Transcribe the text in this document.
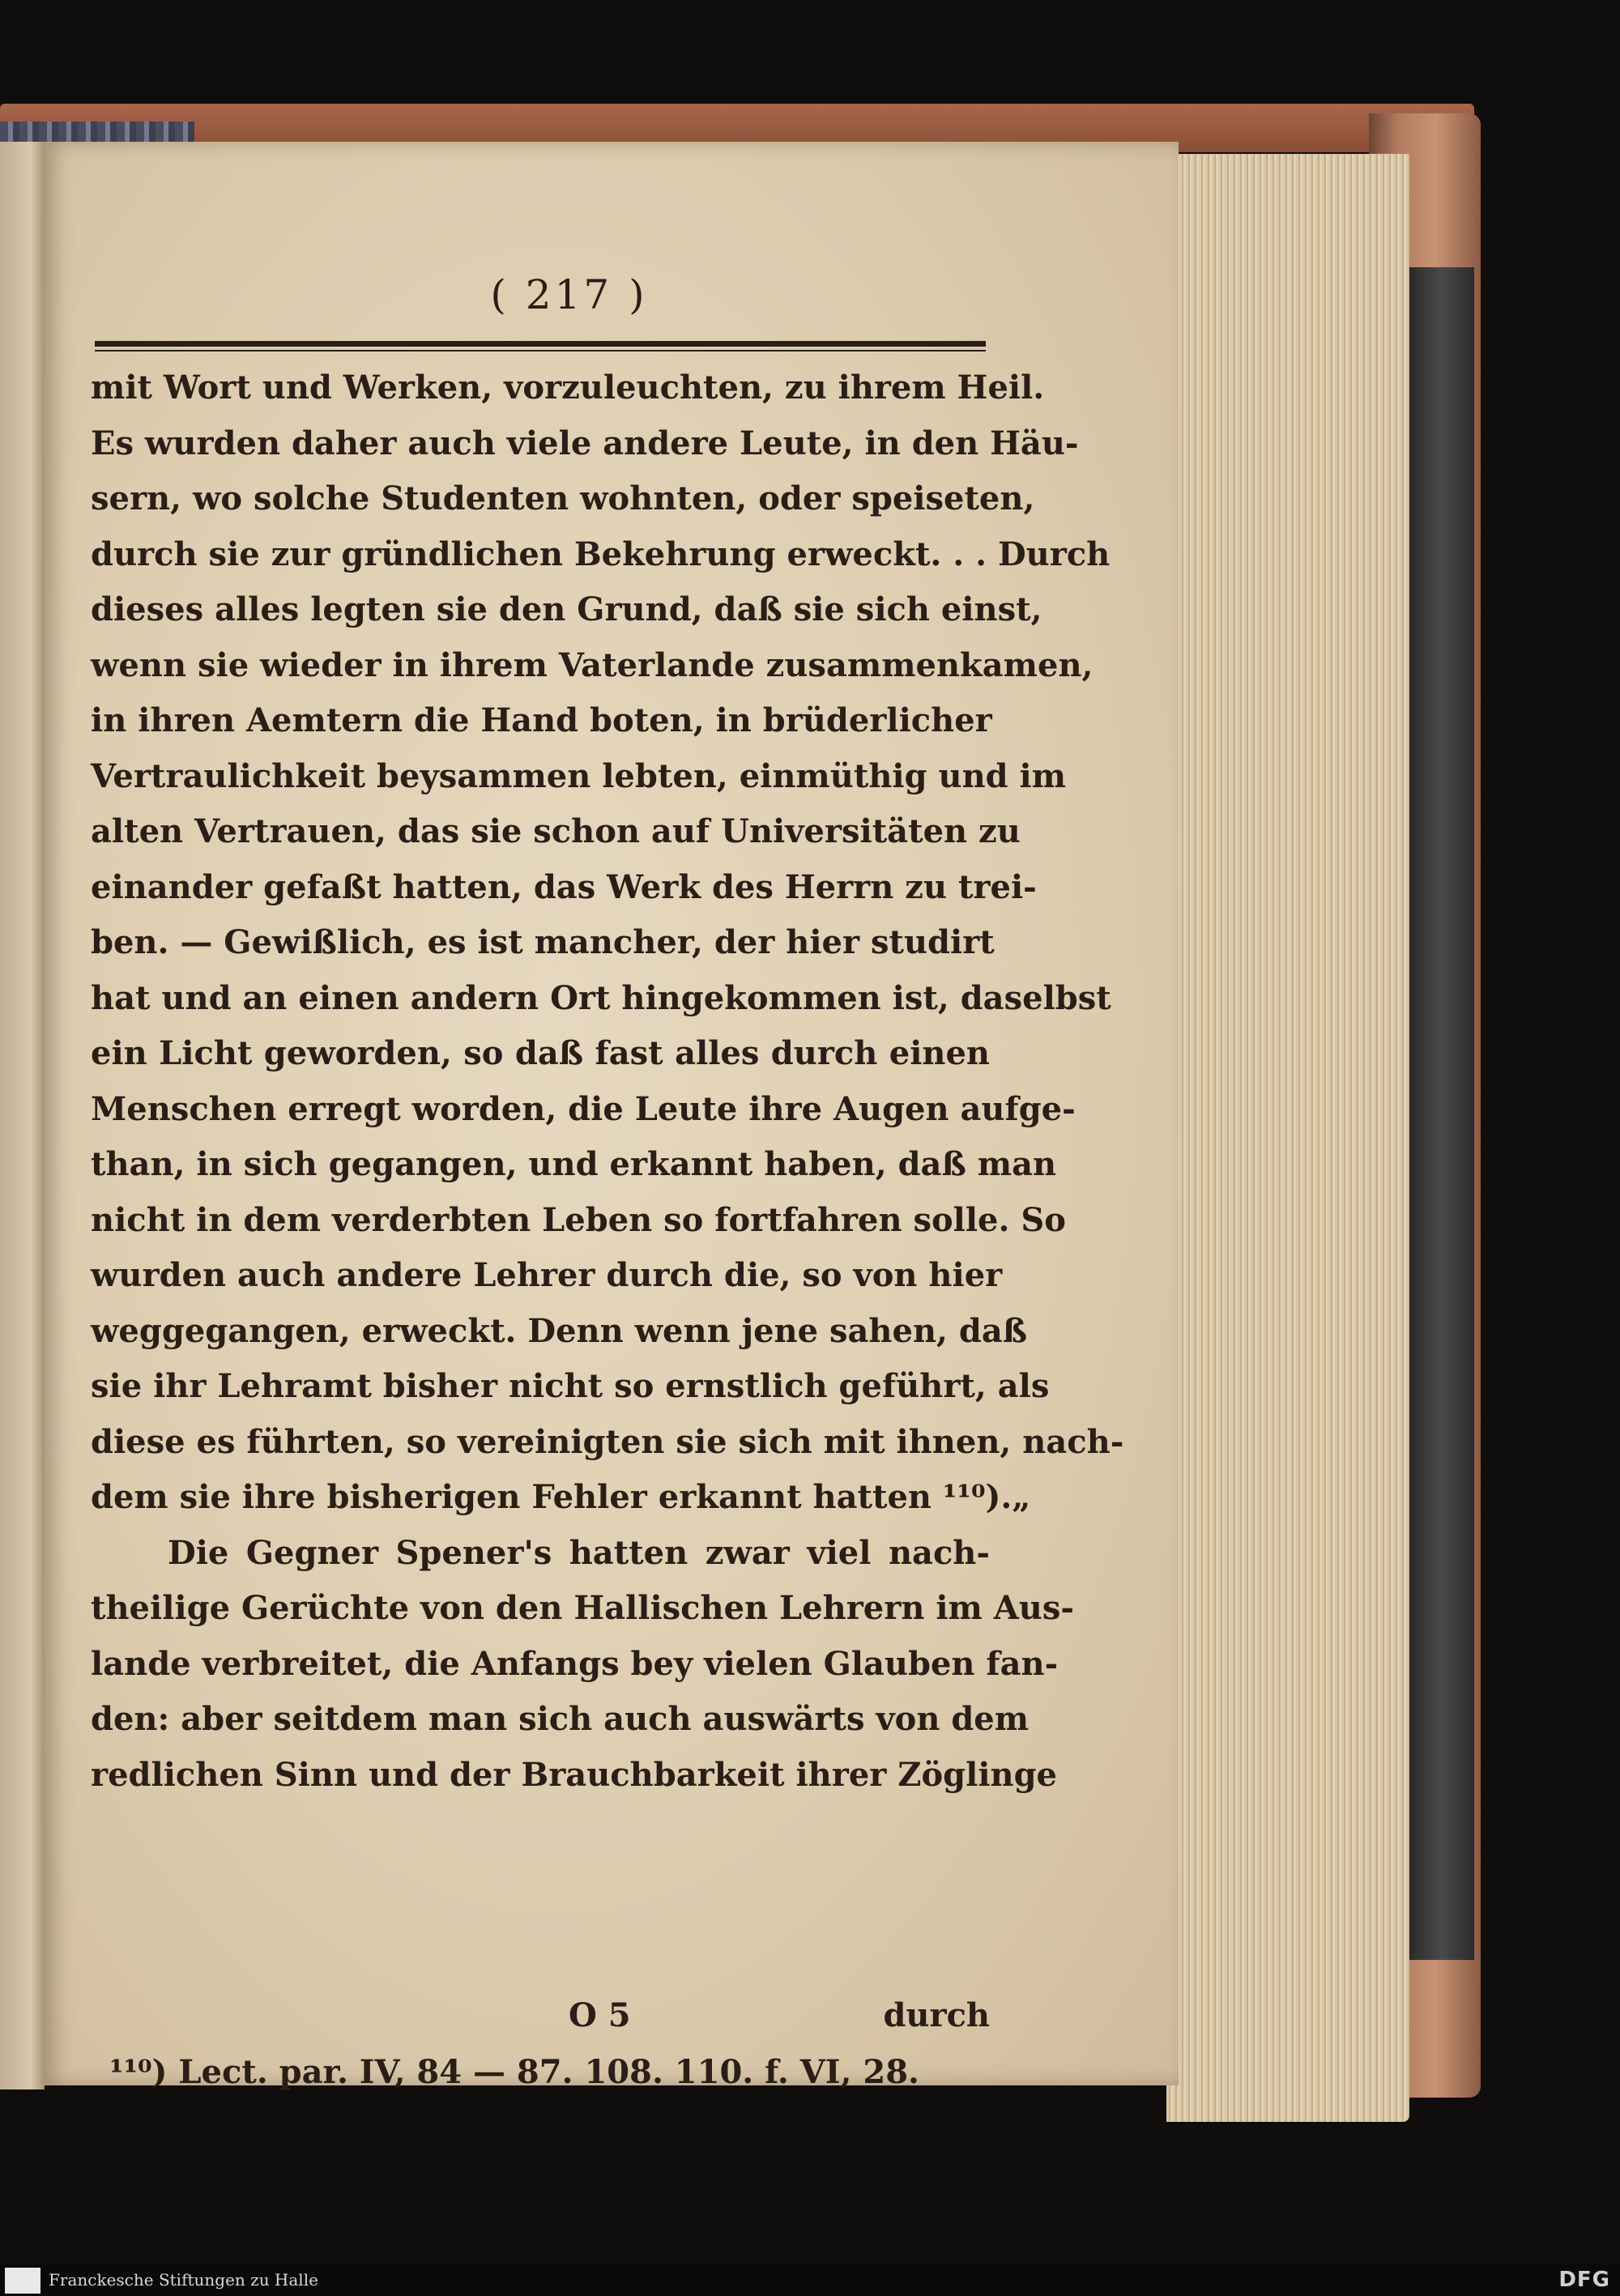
( 217 )
mit Wort und Werken, vorzuleuchten, zu ihrem Heil.
Es wurden daher auch viele andere Leute, in den Häu-
sern, wo solche Studenten wohnten, oder speiseten,
durch sie zur gründlichen Bekehrung erweckt. . . Durch
dieses alles legten sie den Grund, daß sie sich einst,
wenn sie wieder in ihrem Vaterlande zusammenkamen,
in ihren Aemtern die Hand boten, in brüderlicher
Vertraulichkeit beysammen lebten, einmüthig und im
alten Vertrauen, das sie schon auf Universitäten zu
einander gefaßt hatten, das Werk des Herrn zu trei-
ben. — Gewißlich, es ist mancher, der hier studirt
hat und an einen andern Ort hingekommen ist, daselbst
ein Licht geworden, so daß fast alles durch einen
Menschen erregt worden, die Leute ihre Augen aufge-
than, in sich gegangen, und erkannt haben, daß man
nicht in dem verderbten Leben so fortfahren solle. So
wurden auch andere Lehrer durch die, so von hier
weggegangen, erweckt. Denn wenn jene sahen, daß
sie ihr Lehramt bisher nicht so ernstlich geführt, als
diese es führten, so vereinigten sie sich mit ihnen, nach-
dem sie ihre bisherigen Fehler erkannt hatten ¹¹⁰).„
Die Gegner Spener's hatten zwar viel nach-
theilige Gerüchte von den Hallischen Lehrern im Aus-
lande verbreitet, die Anfangs bey vielen Glauben fan-
den: aber seitdem man sich auch auswärts von dem
redlichen Sinn und der Brauchbarkeit ihrer Zöglinge
O 5	durch
¹¹⁰) Lect. par. IV, 84 — 87. 108. 110. f. VI, 28.
Franckesche Stiftungen zu Halle	DFG
